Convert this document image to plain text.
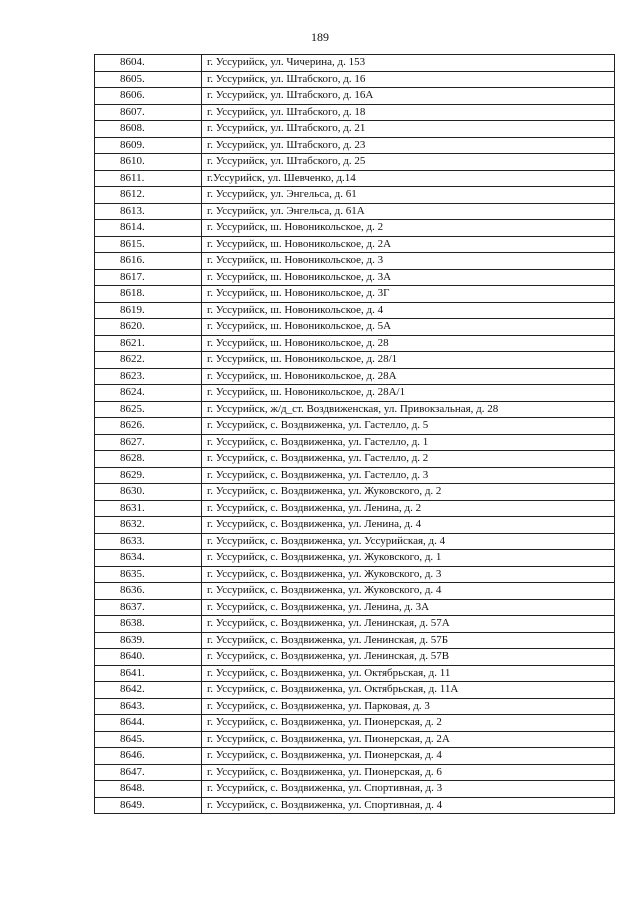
189
8604.	г. Уссурийск, ул. Чичерина, д. 153
8605.	г. Уссурийск, ул. Штабского, д. 16
8606.	г. Уссурийск, ул. Штабского, д. 16А
8607.	г. Уссурийск, ул. Штабского, д. 18
8608.	г. Уссурийск, ул. Штабского, д. 21
8609.	г. Уссурийск, ул. Штабского, д. 23
8610.	г. Уссурийск, ул. Штабского, д. 25
8611.	г.Уссурийск, ул. Шевченко, д.14
8612.	г. Уссурийск, ул. Энгельса, д. 61
8613.	г. Уссурийск, ул. Энгельса, д. 61А
8614.	г. Уссурийск, ш. Новоникольское, д. 2
8615.	г. Уссурийск, ш. Новоникольское, д. 2А
8616.	г. Уссурийск, ш. Новоникольское, д. 3
8617.	г. Уссурийск, ш. Новоникольское, д. 3А
8618.	г. Уссурийск, ш. Новоникольское, д. 3Г
8619.	г. Уссурийск, ш. Новоникольское, д. 4
8620.	г. Уссурийск, ш. Новоникольское, д. 5А
8621.	г. Уссурийск, ш. Новоникольское, д. 28
8622.	г. Уссурийск, ш. Новоникольское, д. 28/1
8623.	г. Уссурийск, ш. Новоникольское, д. 28А
8624.	г. Уссурийск, ш. Новоникольское, д. 28А/1
8625.	г. Уссурийск, ж/д_ст. Воздвиженская, ул. Привокзальная, д. 28
8626.	г. Уссурийск, с. Воздвиженка, ул. Гастелло, д. 5
8627.	г. Уссурийск, с. Воздвиженка, ул. Гастелло, д. 1
8628.	г. Уссурийск, с. Воздвиженка, ул. Гастелло, д. 2
8629.	г. Уссурийск, с. Воздвиженка, ул. Гастелло, д. 3
8630.	г. Уссурийск, с. Воздвиженка, ул. Жуковского, д. 2
8631.	г. Уссурийск, с. Воздвиженка, ул. Ленина, д. 2
8632.	г. Уссурийск, с. Воздвиженка, ул. Ленина, д. 4
8633.	г. Уссурийск, с. Воздвиженка, ул. Уссурийская, д. 4
8634.	г. Уссурийск, с. Воздвиженка, ул. Жуковского, д. 1
8635.	г. Уссурийск, с. Воздвиженка, ул. Жуковского, д. 3
8636.	г. Уссурийск, с. Воздвиженка, ул. Жуковского, д. 4
8637.	г. Уссурийск, с. Воздвиженка, ул. Ленина, д. 3А
8638.	г. Уссурийск, с. Воздвиженка, ул. Ленинская, д. 57А
8639.	г. Уссурийск, с. Воздвиженка, ул. Ленинская, д. 57Б
8640.	г. Уссурийск, с. Воздвиженка, ул. Ленинская, д. 57В
8641.	г. Уссурийск, с. Воздвиженка, ул. Октябрьская, д. 11
8642.	г. Уссурийск, с. Воздвиженка, ул. Октябрьская, д. 11А
8643.	г. Уссурийск, с. Воздвиженка, ул. Парковая, д. 3
8644.	г. Уссурийск, с. Воздвиженка, ул. Пионерская, д. 2
8645.	г. Уссурийск, с. Воздвиженка, ул. Пионерская, д. 2А
8646.	г. Уссурийск, с. Воздвиженка, ул. Пионерская, д. 4
8647.	г. Уссурийск, с. Воздвиженка, ул. Пионерская, д. 6
8648.	г. Уссурийск, с. Воздвиженка, ул. Спортивная, д. 3
8649.	г. Уссурийск, с. Воздвиженка, ул. Спортивная, д. 4
